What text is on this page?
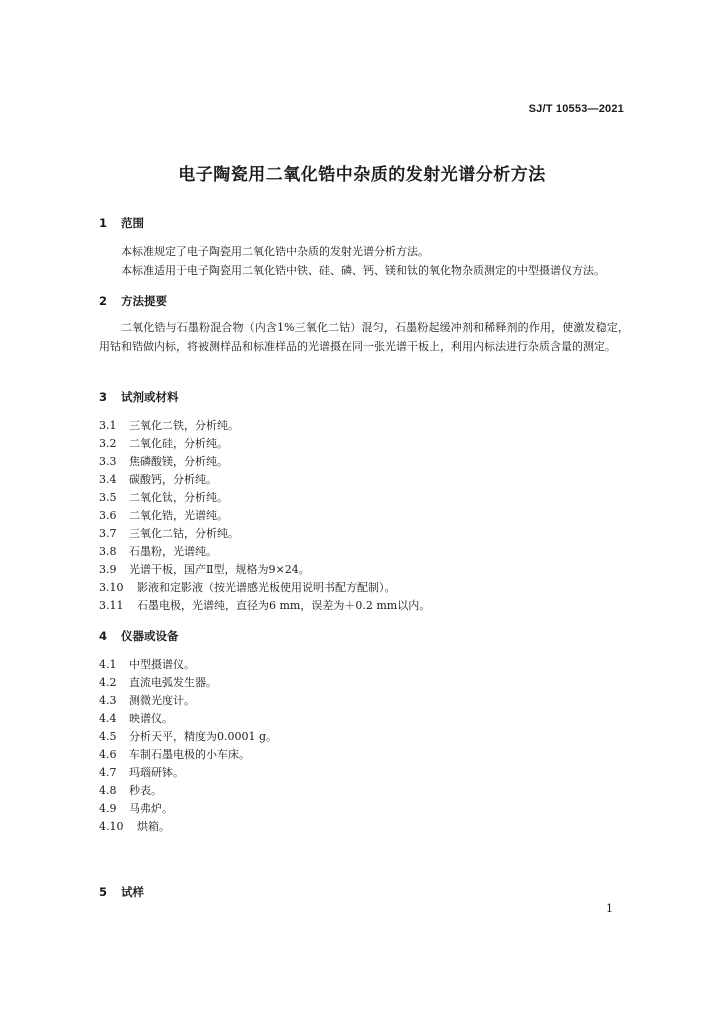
SJ/T 10553—2021
电子陶瓷用二氧化锆中杂质的发射光谱分析方法
1 范围
本标准规定了电子陶瓷用二氧化锆中杂质的发射光谱分析方法。
本标准适用于电子陶瓷用二氧化锆中铁、硅、磷、钙、镁和钛的氧化物杂质测定的中型摄谱仪方法。
2 方法提要
二氧化锆与石墨粉混合物（内含1%三氧化二钴）混匀，石墨粉起缓冲剂和稀释剂的作用，使激发稳定，用钴和锆做内标，将被测样品和标准样品的光谱摄在同一张光谱干板上，利用内标法进行杂质含量的测定。
3 试剂或材料
3.1 三氧化二铁，分析纯。
3.2 二氧化硅，分析纯。
3.3 焦磷酸镁，分析纯。
3.4 碳酸钙，分析纯。
3.5 二氧化钛，分析纯。
3.6 二氧化锆，光谱纯。
3.7 三氧化二钴，分析纯。
3.8 石墨粉，光谱纯。
3.9 光谱干板，国产Ⅱ型，规格为9×24。
3.10 影液和定影液（按光谱感光板使用说明书配方配制）。
3.11 石墨电极，光谱纯，直径为6 mm，误差为＋0.2 mm以内。
4 仪器或设备
4.1 中型摄谱仪。
4.2 直流电弧发生器。
4.3 测微光度计。
4.4 映谱仪。
4.5 分析天平，精度为0.0001 g。
4.6 车制石墨电极的小车床。
4.7 玛瑙研钵。
4.8 秒表。
4.9 马弗炉。
4.10 烘箱。
5 试样
1
